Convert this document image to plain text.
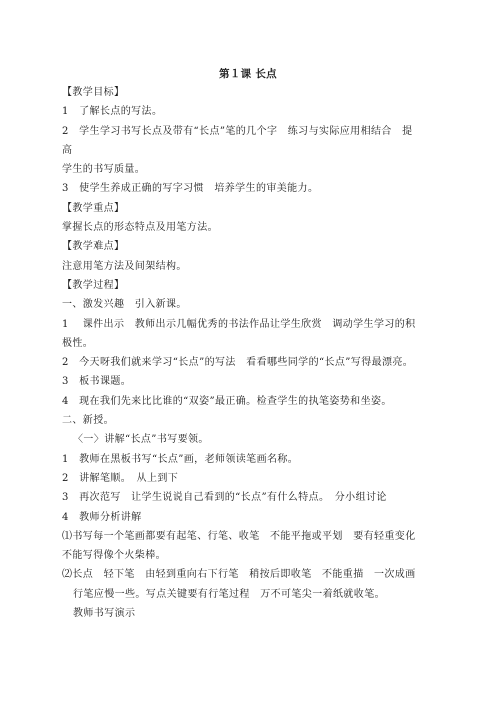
第１课 长点
【教学目标】
1　了解长点的写法。
2　学生学习书写长点及带有“长点”笔的几个字　练习与实际应用相结合　提
高
学生的书写质量。
3　使学生养成正确的写字习惯　培养学生的审美能力。
【教学重点】
掌握长点的形态特点及用笔方法。
【教学难点】
注意用笔方法及间架结构。
【教学过程】
一、激发兴趣　引入新课。
1　 课件出示　教师出示几幅优秀的书法作品让学生欣赏　调动学生学习的积
极性。
2　今天呀我们就来学习“长点”的写法　看看哪些同学的“长点”写得最漂亮。
3　板书课题。
4　现在我们先来比比谁的“双姿”最正确。检查学生的执笔姿势和坐姿。
二、新授。
〈一〉讲解“长点”书写要领。
1　教师在黑板书写“长点”画，老师领读笔画名称。
2　讲解笔顺。　从上到下
3　再次范写　让学生说说自己看到的“长点”有什么特点。　分小组讨论
4　教师分析讲解
⑴书写每一个笔画都要有起笔、行笔、收笔　不能平拖或平划　要有轻重变化
不能写得像个火柴棒。
⑵长点　轻下笔　由轻到重向右下行笔　稍按后即收笔　不能重描　一次成画
行笔应慢一些。写点关键要有行笔过程　万不可笔尖一着纸就收笔。
教师书写演示
